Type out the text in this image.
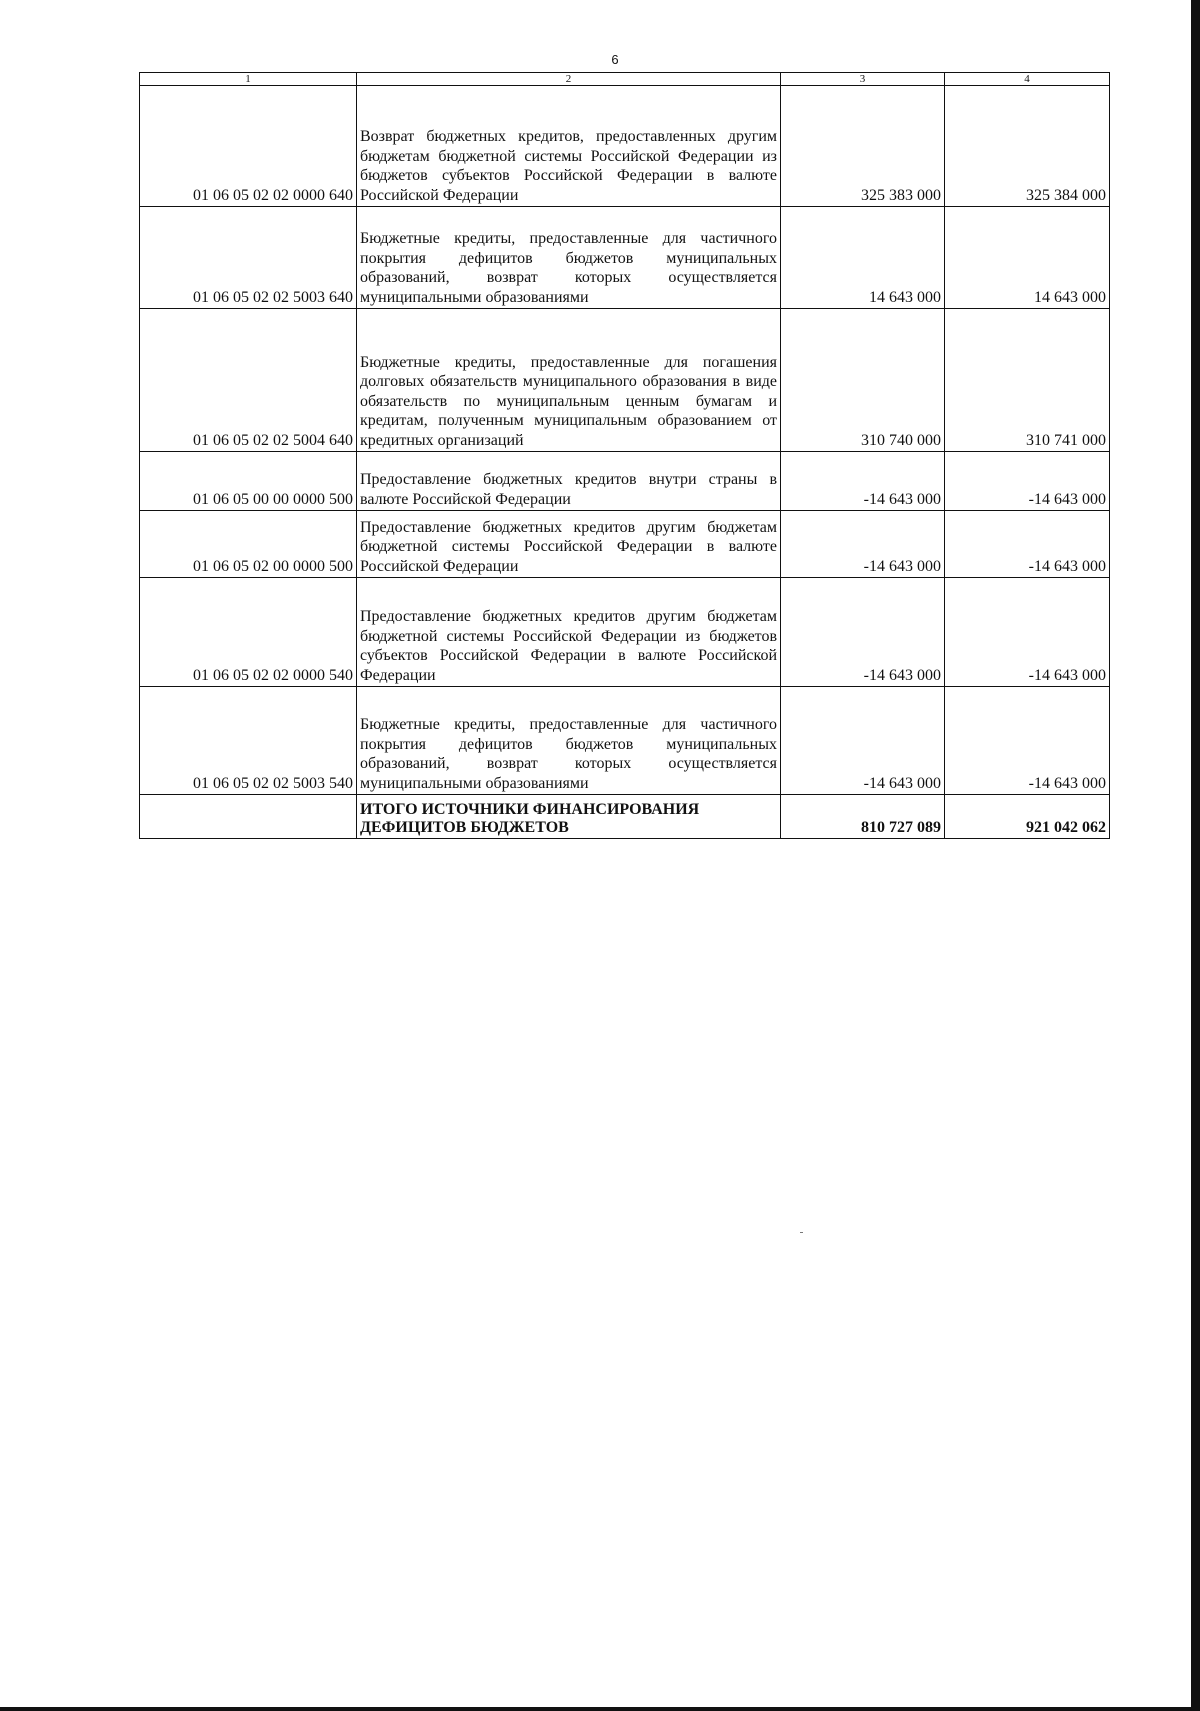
6
1	2	3	4
01 06 05 02 02 0000 640	Возврат бюджетных кредитов, предоставленных другим бюджетам бюджетной системы Российской Федерации из бюджетов субъектов Российской Федерации в валюте Российской Федерации	325 383 000	325 384 000
01 06 05 02 02 5003 640	Бюджетные кредиты, предоставленные для частичного покрытия дефицитов бюджетов муниципальных образований, возврат которых осуществляется муниципальными образованиями	14 643 000	14 643 000
01 06 05 02 02 5004 640	Бюджетные кредиты, предоставленные для погашения долговых обязательств муниципального образования в виде обязательств по муниципальным ценным бумагам и кредитам, полученным муниципальным образованием от кредитных организаций	310 740 000	310 741 000
01 06 05 00 00 0000 500	Предоставление бюджетных кредитов внутри страны в валюте Российской Федерации	-14 643 000	-14 643 000
01 06 05 02 00 0000 500	Предоставление бюджетных кредитов другим бюджетам бюджетной системы Российской Федерации в валюте Российской Федерации	-14 643 000	-14 643 000
01 06 05 02 02 0000 540	Предоставление бюджетных кредитов другим бюджетам бюджетной системы Российской Федерации из бюджетов субъектов Российской Федерации в валюте Российской Федерации	-14 643 000	-14 643 000
01 06 05 02 02 5003 540	Бюджетные кредиты, предоставленные для частичного покрытия дефицитов бюджетов муниципальных образований, возврат которых осуществляется муниципальными образованиями	-14 643 000	-14 643 000

	ИТОГО ИСТОЧНИКИ ФИНАНСИРОВАНИЯ
ДЕФИЦИТОВ БЮДЖЕТОВ	810 727 089	921 042 062
